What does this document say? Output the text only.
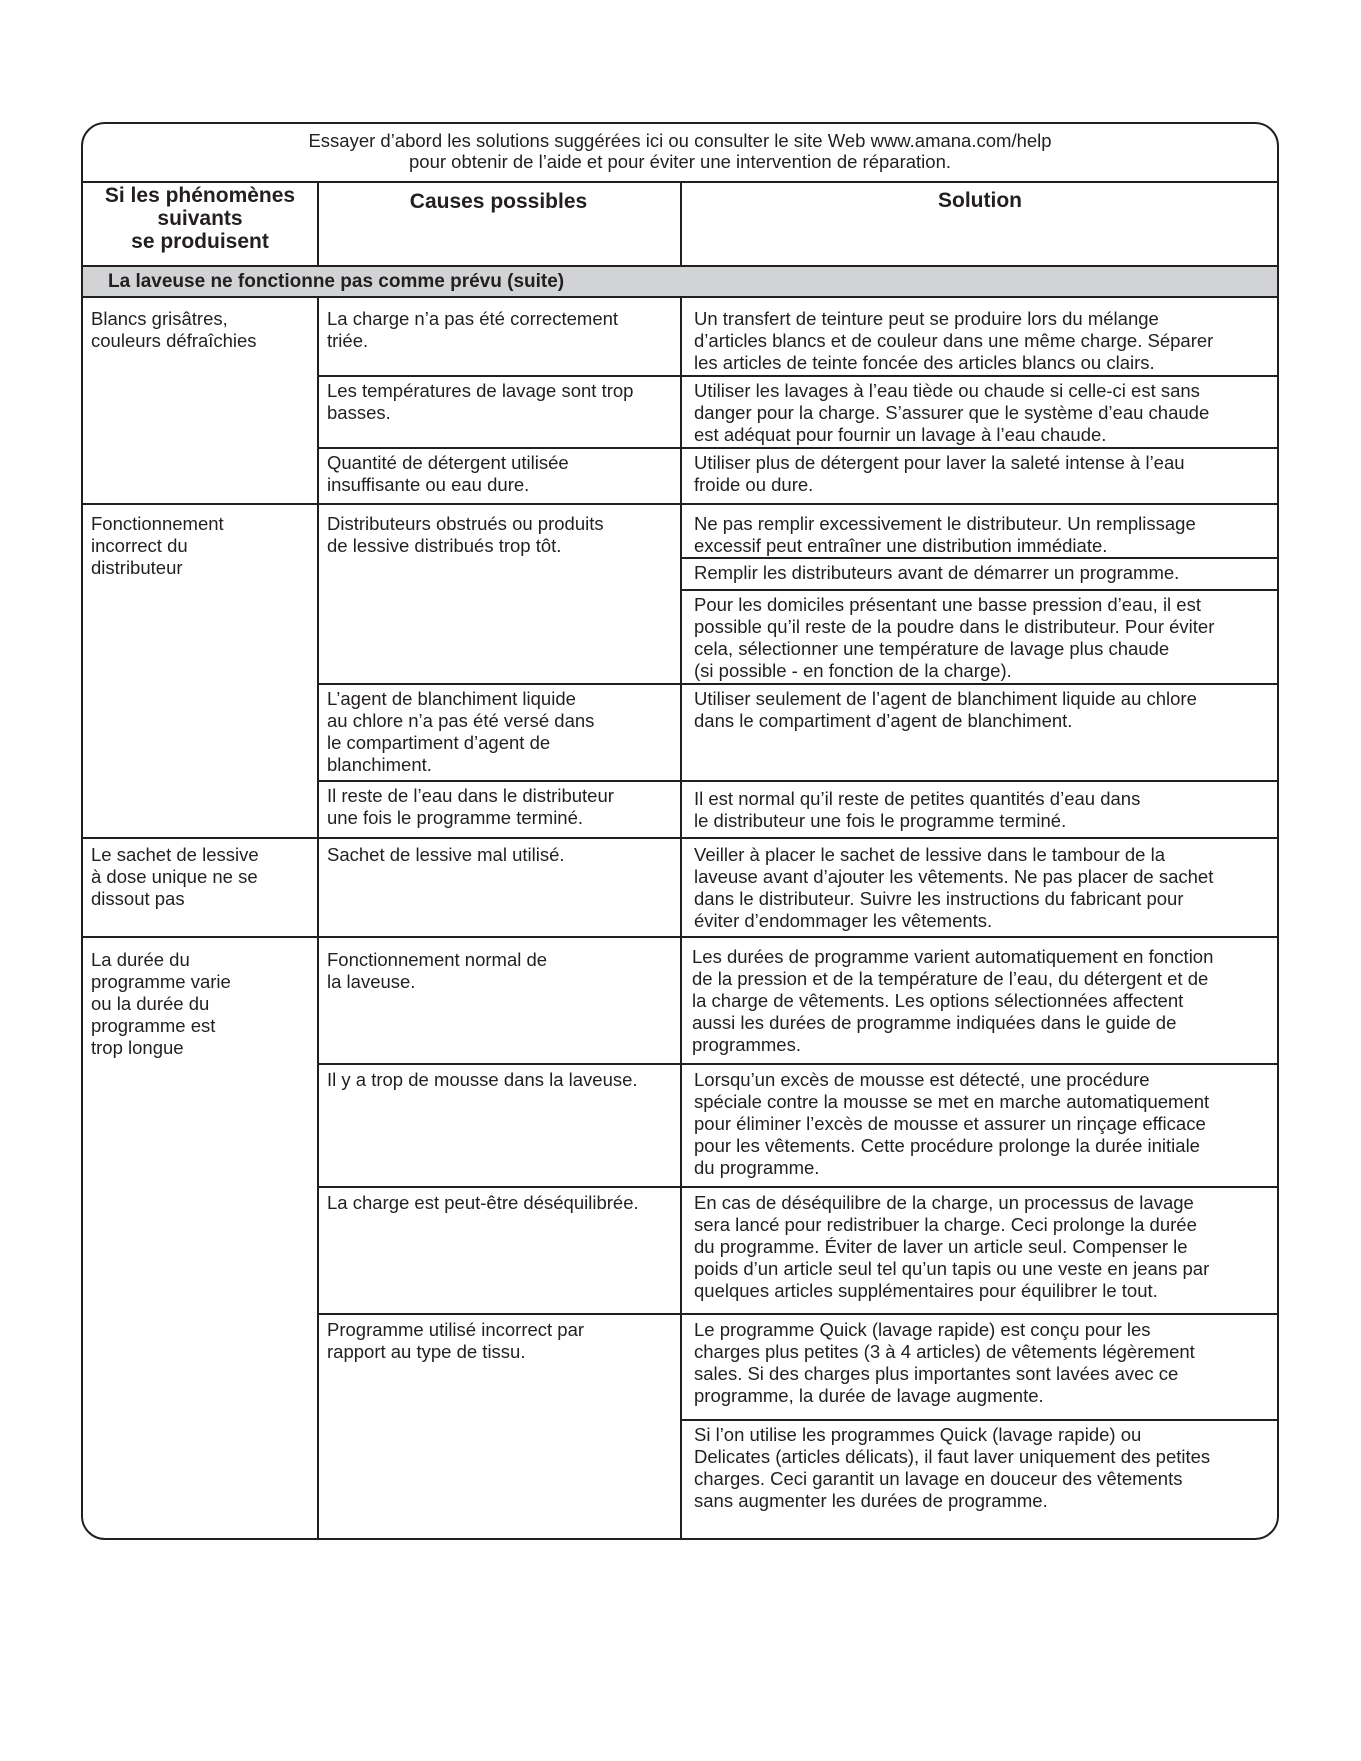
Essayer d’abord les solutions suggérées ici ou consulter le site Web www.amana.com/help
pour obtenir de l’aide et pour éviter une intervention de réparation.
Si les phénomènes
suivants
se produisent
Causes possibles	Solution
La laveuse ne fonctionne pas comme prévu (suite)
Blancs grisâtres,
couleurs défraîchies
Fonctionnement
incorrect du
distributeur
Le sachet de lessive
à dose unique ne se
dissout pas
La durée du
programme varie
ou la durée du
programme est
trop longue
La charge n’a pas été correctement
triée.
Les températures de lavage sont trop
basses.
Quantité de détergent utilisée
insuffisante ou eau dure.
Distributeurs obstrués ou produits
de lessive distribués trop tôt.
L’agent de blanchiment liquide
au chlore n’a pas été versé dans
le compartiment d’agent de
blanchiment.
Il reste de l’eau dans le distributeur
une fois le programme terminé.
Sachet de lessive mal utilisé.
Fonctionnement normal de
la laveuse.
Il y a trop de mousse dans la laveuse.
La charge est peut-être déséquilibrée.
Programme utilisé incorrect par
rapport au type de tissu.
Un transfert de teinture peut se produire lors du mélange
d’articles blancs et de couleur dans une même charge. Séparer
les articles de teinte foncée des articles blancs ou clairs.
Utiliser les lavages à l’eau tiède ou chaude si celle-ci est sans
danger pour la charge. S’assurer que le système d’eau chaude
est adéquat pour fournir un lavage à l’eau chaude.
Utiliser plus de détergent pour laver la saleté intense à l’eau
froide ou dure.
Ne pas remplir excessivement le distributeur. Un remplissage
excessif peut entraîner une distribution immédiate.
Remplir les distributeurs avant de démarrer un programme.
Pour les domiciles présentant une basse pression d’eau, il est
possible qu’il reste de la poudre dans le distributeur. Pour éviter
cela, sélectionner une température de lavage plus chaude
(si possible - en fonction de la charge).
Utiliser seulement de l’agent de blanchiment liquide au chlore
dans le compartiment d’agent de blanchiment.
Il est normal qu’il reste de petites quantités d’eau dans
le distributeur une fois le programme terminé.
Veiller à placer le sachet de lessive dans le tambour de la
laveuse avant d’ajouter les vêtements. Ne pas placer de sachet
dans le distributeur. Suivre les instructions du fabricant pour
éviter d’endommager les vêtements.
Les durées de programme varient automatiquement en fonction
de la pression et de la température de l’eau, du détergent et de
la charge de vêtements. Les options sélectionnées affectent
aussi les durées de programme indiquées dans le guide de
programmes.
Lorsqu’un excès de mousse est détecté, une procédure
spéciale contre la mousse se met en marche automatiquement
pour éliminer l’excès de mousse et assurer un rinçage efficace
pour les vêtements. Cette procédure prolonge la durée initiale
du programme.
En cas de déséquilibre de la charge, un processus de lavage
sera lancé pour redistribuer la charge. Ceci prolonge la durée
du programme. Éviter de laver un article seul. Compenser le
poids d’un article seul tel qu’un tapis ou une veste en jeans par
quelques articles supplémentaires pour équilibrer le tout.
Le programme Quick (lavage rapide) est conçu pour les
charges plus petites (3 à 4 articles) de vêtements légèrement
sales. Si des charges plus importantes sont lavées avec ce
programme, la durée de lavage augmente.
Si l’on utilise les programmes Quick (lavage rapide) ou
Delicates (articles délicats), il faut laver uniquement des petites
charges. Ceci garantit un lavage en douceur des vêtements
sans augmenter les durées de programme.
